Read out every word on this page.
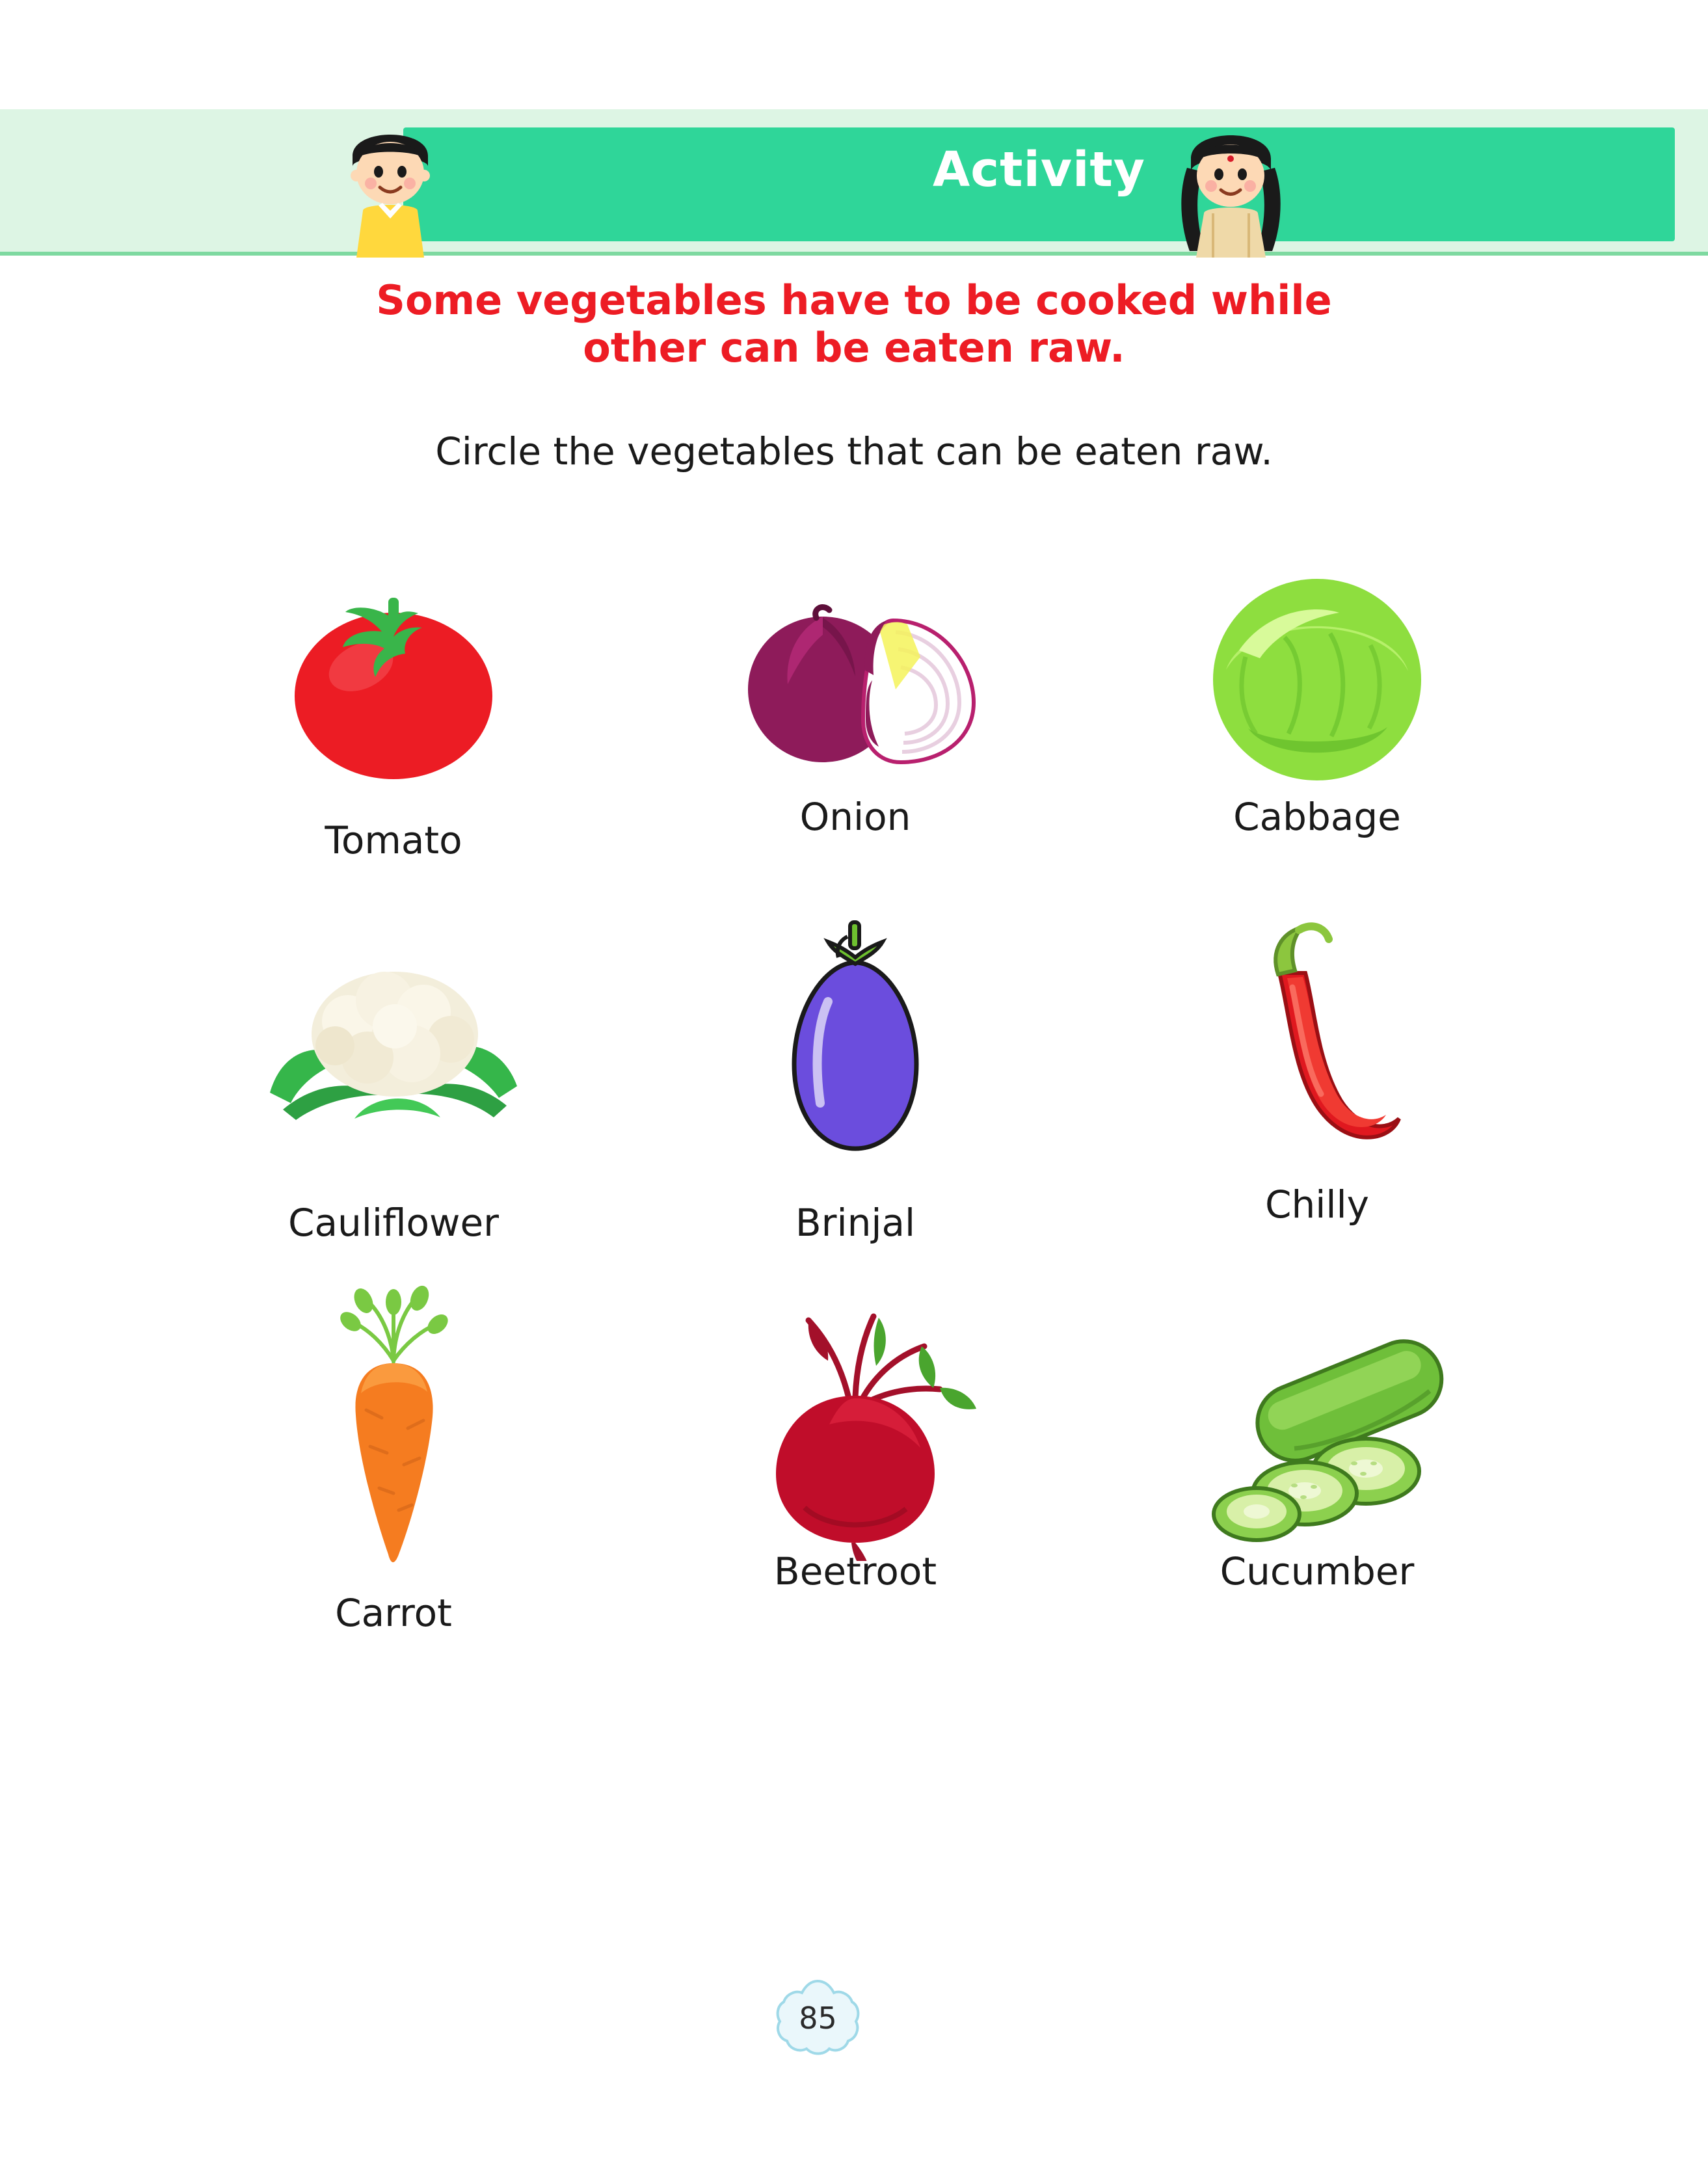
Activity
Some vegetables have to be cooked while
other can be eaten raw.
Circle the vegetables that can be eaten raw.
Tomato
Onion	Cabbage
Cauliflower	Brinjal	Chilly
Carrot
Beetroot	Cucumber
85
